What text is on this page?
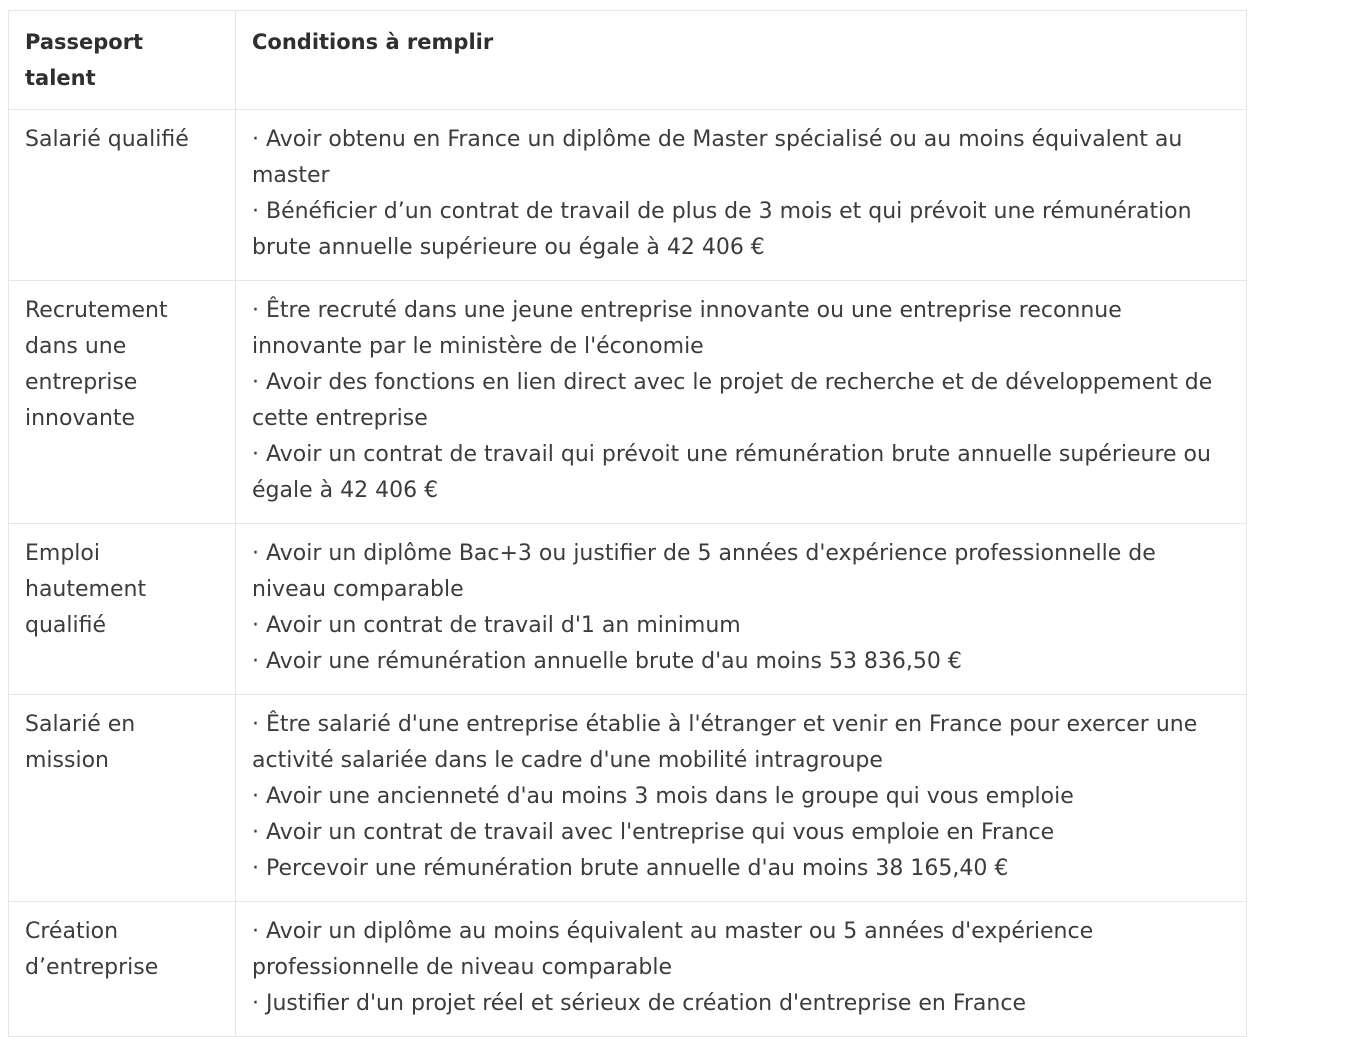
Passeport talent	Conditions à remplir
Salarié qualifié	· Avoir obtenu en France un diplôme de Master spécialisé ou au moins équivalent au master
· Bénéficier d’un contrat de travail de plus de 3 mois et qui prévoit une rémunération brute annuelle supérieure ou égale à 42 406 €

Recrutement dans une entreprise innovante	· Être recruté dans une jeune entreprise innovante ou une entreprise reconnue innovante par le ministère de l'économie
· Avoir des fonctions en lien direct avec le projet de recherche et de développement de cette entreprise
· Avoir un contrat de travail qui prévoit une rémunération brute annuelle supérieure ou égale à 42 406 €

Emploi hautement qualifié	· Avoir un diplôme Bac+3 ou justifier de 5 années d'expérience professionnelle de niveau comparable
· Avoir un contrat de travail d'1 an minimum
· Avoir une rémunération annuelle brute d'au moins 53 836,50 €

Salarié en mission	· Être salarié d'une entreprise établie à l'étranger et venir en France pour exercer une activité salariée dans le cadre d'une mobilité intragroupe
· Avoir une ancienneté d'au moins 3 mois dans le groupe qui vous emploie
· Avoir un contrat de travail avec l'entreprise qui vous emploie en France
· Percevoir une rémunération brute annuelle d'au moins 38 165,40 €

Création d’entreprise	· Avoir un diplôme au moins équivalent au master ou 5 années d'expérience professionnelle de niveau comparable
· Justifier d'un projet réel et sérieux de création d'entreprise en France
